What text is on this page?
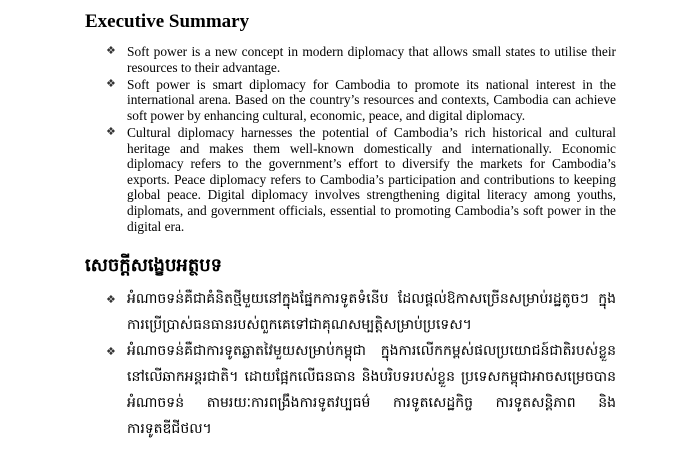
Executive Summary
❖ Soft power is a new concept in modern diplomacy that allows small states to utilise their resources to their advantage.
❖ Soft power is smart diplomacy for Cambodia to promote its national interest in the international arena. Based on the country’s resources and contexts, Cambodia can achieve soft power by enhancing cultural, economic, peace, and digital diplomacy.
❖ Cultural diplomacy harnesses the potential of Cambodia’s rich historical and cultural heritage and makes them well-known domestically and internationally. Economic diplomacy refers to the government’s effort to diversify the markets for Cambodia’s exports. Peace diplomacy refers to Cambodia’s participation and contributions to keeping global peace. Digital diplomacy involves strengthening digital literacy among youths, diplomats, and government officials, essential to promoting Cambodia’s soft power in the digital era.
សេចក្ដីសង្ខេបអត្ថបទ
❖ អំណាចទន់គឺជាគំនិតថ្មីមួយនៅក្នុងផ្នែកការទូតទំនើប ដែលផ្ដល់ឱកាសច្រើនសម្រាប់រដ្ឋតូចៗ ក្នុងការប្រើប្រាស់ធនធានរបស់ពួកគេទៅជាគុណសម្បត្តិសម្រាប់ប្រទេស។
❖ អំណាចទន់គឺជាការទូតឆ្លាតវៃមួយសម្រាប់កម្ពុជា ក្នុងការលើកកម្ពស់ផលប្រយោជន៍ជាតិរបស់ខ្លួននៅលើឆាកអន្តរជាតិ។ ដោយផ្អែកលើធនធាន និងបរិបទរបស់ខ្លួន ប្រទេសកម្ពុជាអាចសម្រេចបានអំណាចទន់ តាមរយៈការពង្រឹងការទូតវប្បធម៌ ការទូតសេដ្ឋកិច្ច ការទូតសន្តិភាព និងការទូតឌីជីថល។
